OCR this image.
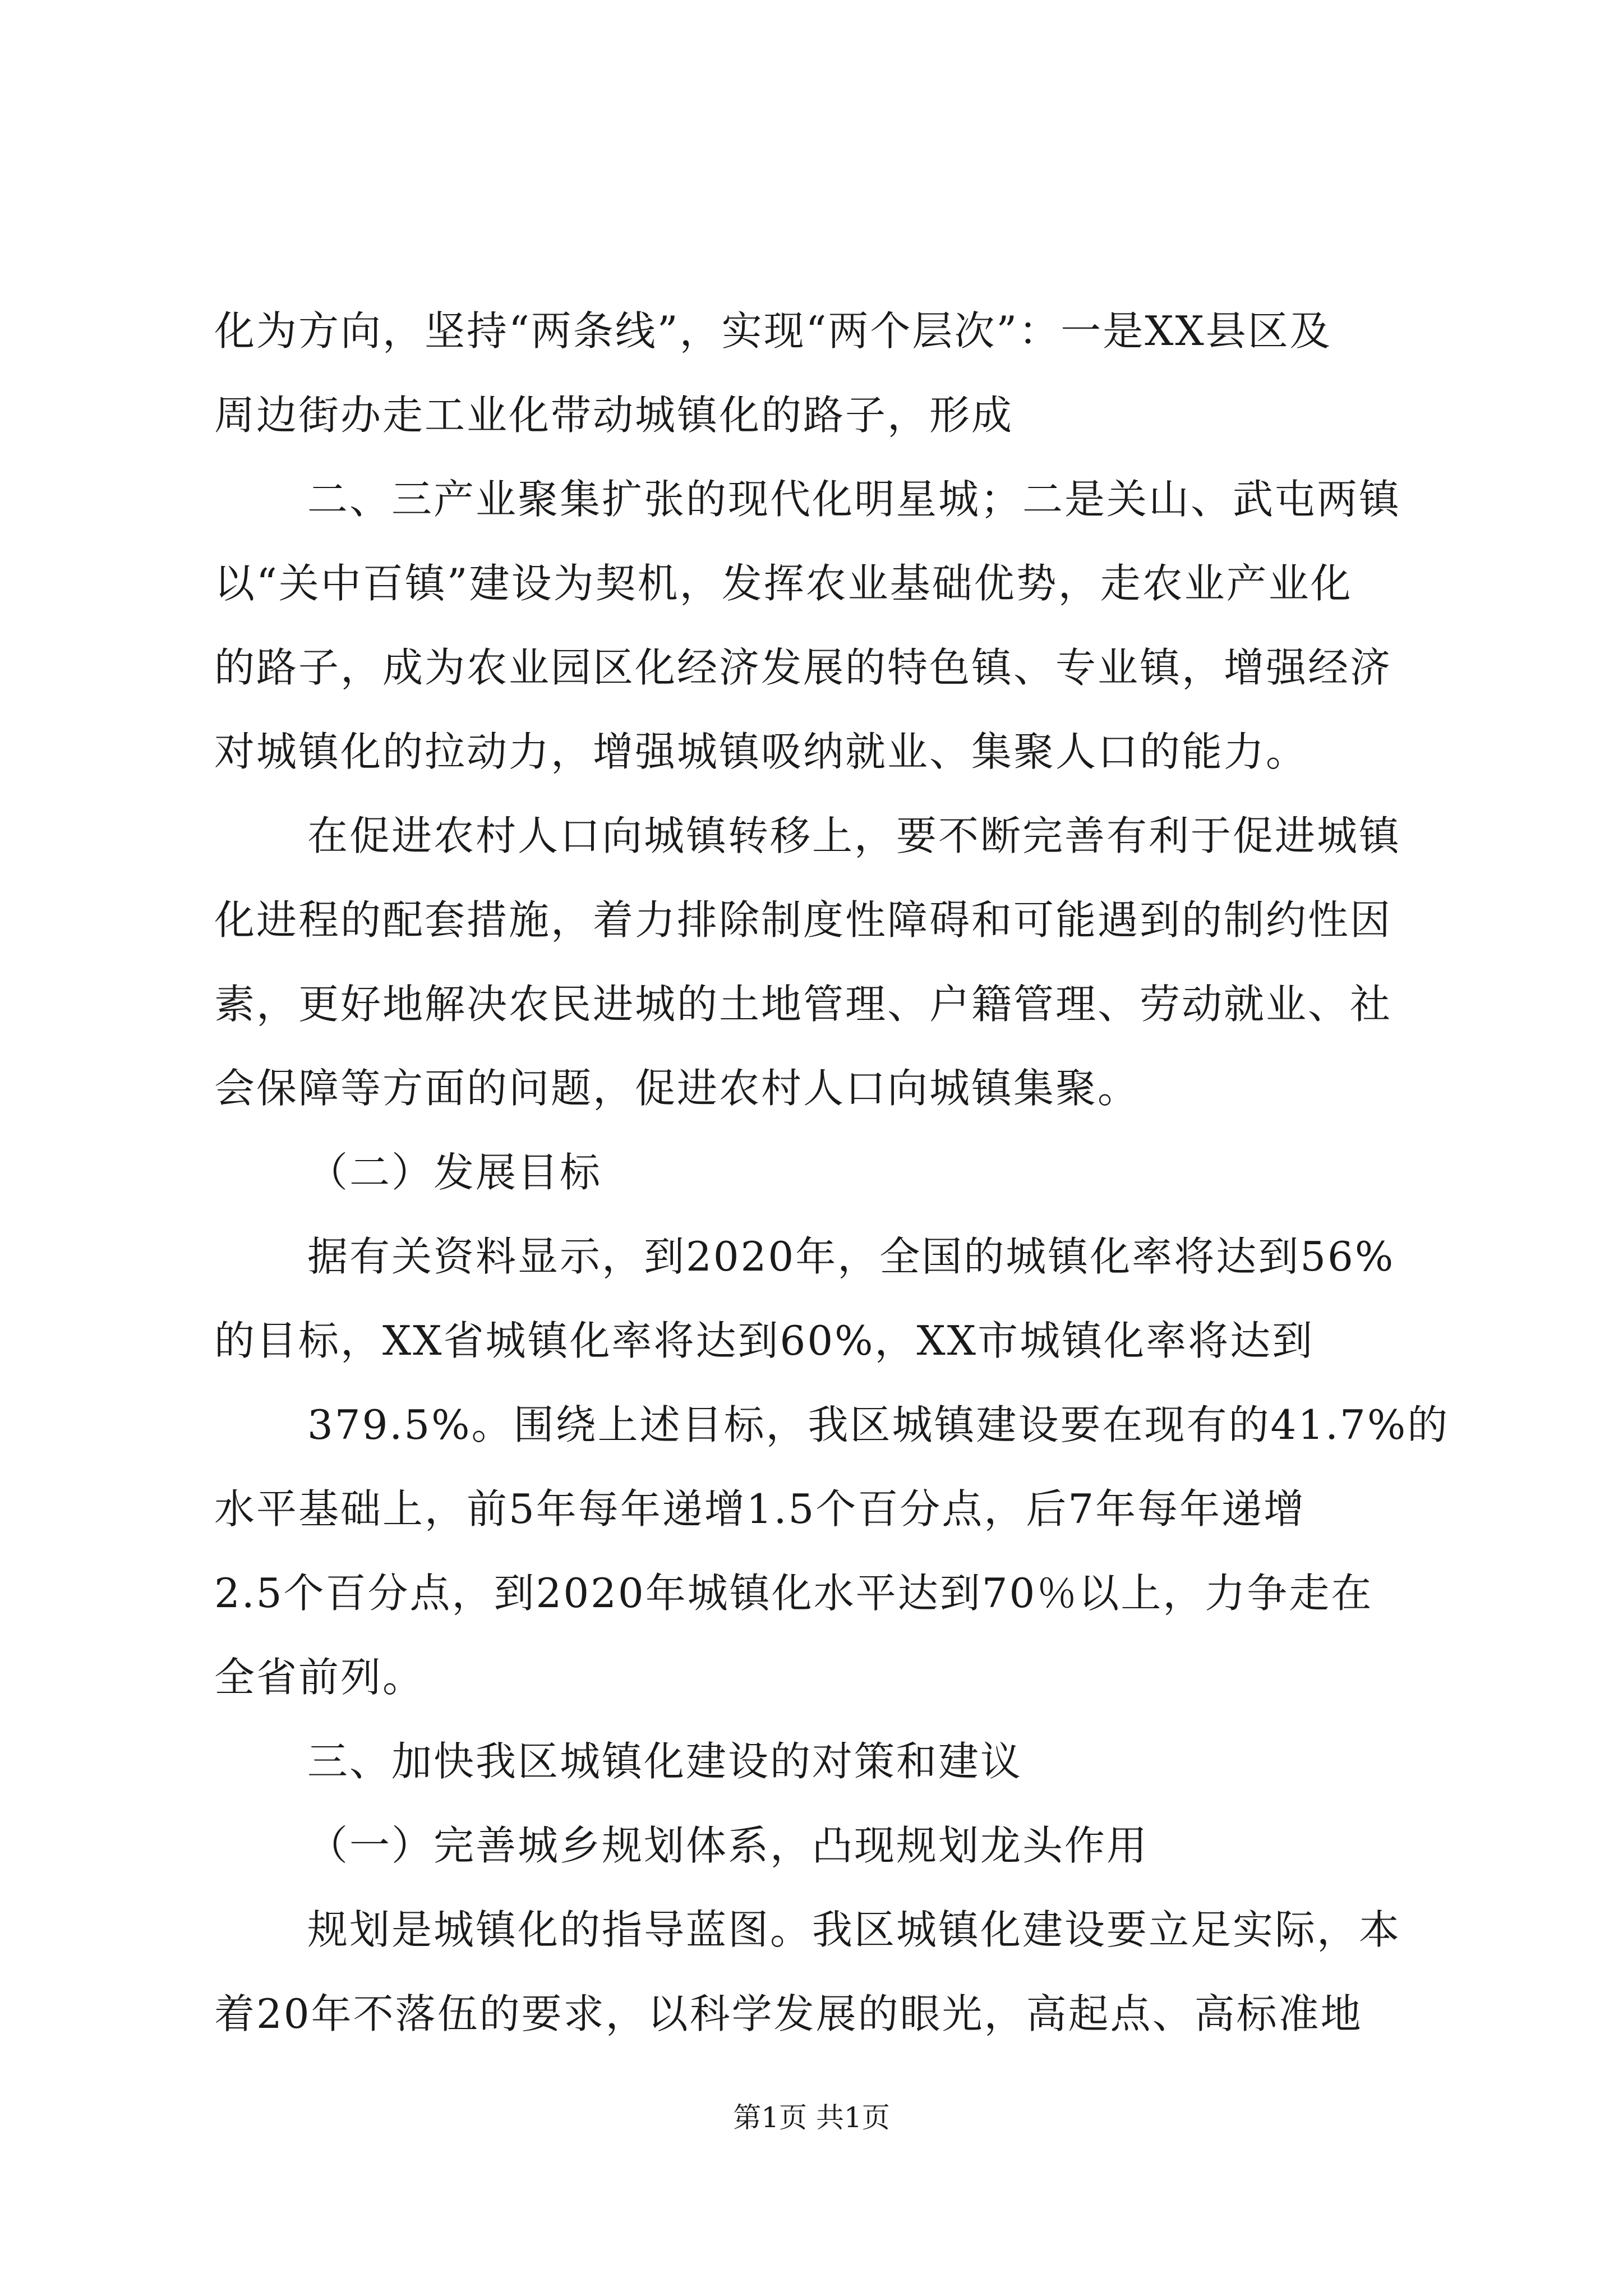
化为方向，坚持“两条线”，实现“两个层次”：一是XX县区及
周边街办走工业化带动城镇化的路子，形成
二、三产业聚集扩张的现代化明星城；二是关山、武屯两镇
以“关中百镇”建设为契机，发挥农业基础优势，走农业产业化
的路子，成为农业园区化经济发展的特色镇、专业镇，增强经济
对城镇化的拉动力，增强城镇吸纳就业、集聚人口的能力。
在促进农村人口向城镇转移上，要不断完善有利于促进城镇
化进程的配套措施，着力排除制度性障碍和可能遇到的制约性因
素，更好地解决农民进城的土地管理、户籍管理、劳动就业、社
会保障等方面的问题，促进农村人口向城镇集聚。
（二）发展目标
据有关资料显示，到2020年，全国的城镇化率将达到56%
的目标，XX省城镇化率将达到60%，XX市城镇化率将达到
379.5%。围绕上述目标，我区城镇建设要在现有的41.7%的
水平基础上，前5年每年递增1.5个百分点，后7年每年递增
2.5个百分点，到2020年城镇化水平达到70％以上，力争走在
全省前列。
三、加快我区城镇化建设的对策和建议
（一）完善城乡规划体系，凸现规划龙头作用
规划是城镇化的指导蓝图。我区城镇化建设要立足实际，本
着20年不落伍的要求，以科学发展的眼光，高起点、高标准地
第1页 共1页
